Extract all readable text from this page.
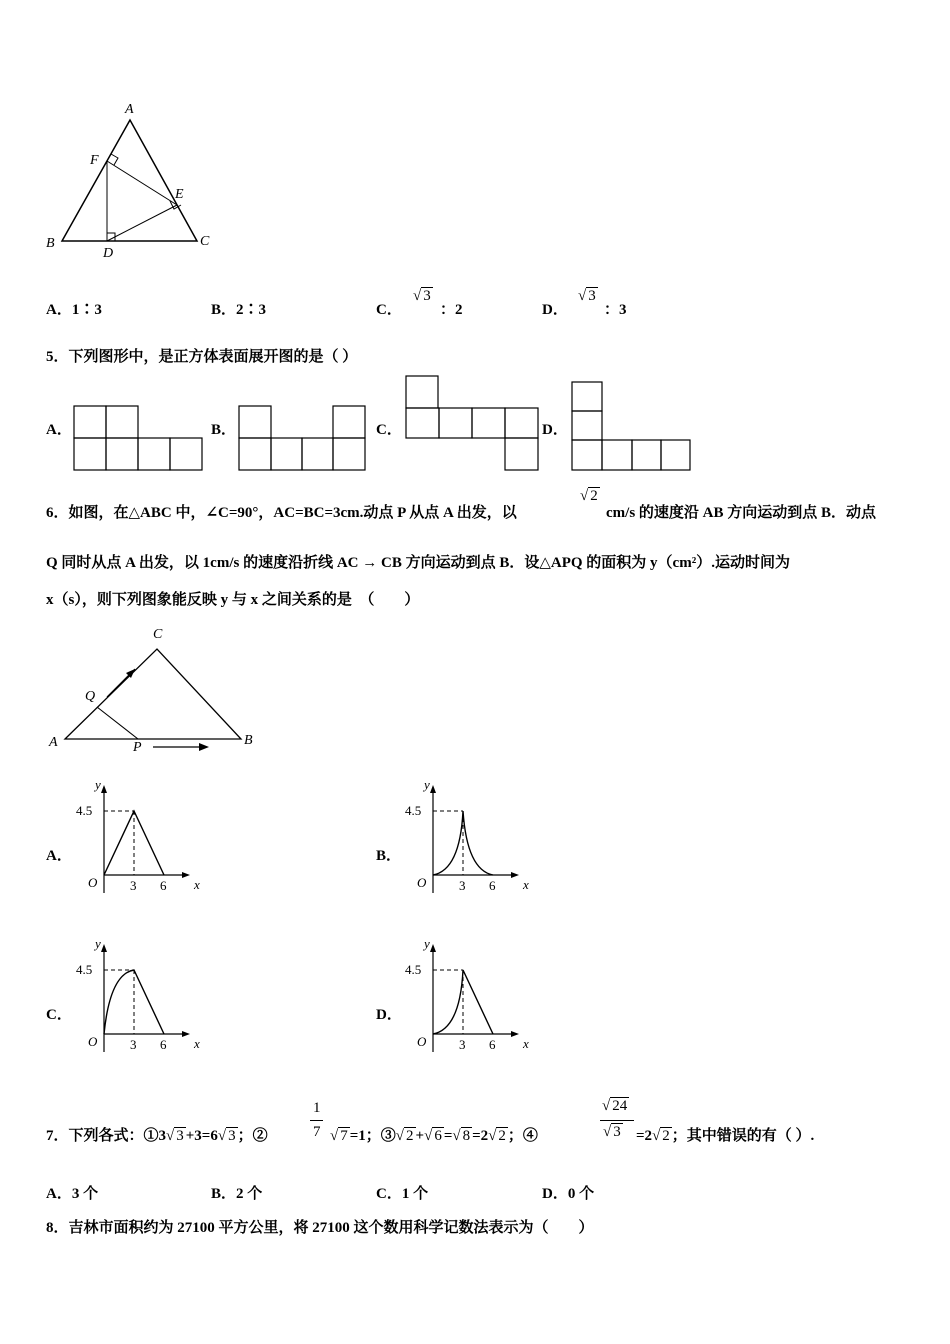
A
B	C
D
E
F
A．1∶3	B．2∶3	C．
√ 3
：2	D．
√ 3
：3
5．下列图形中，是正方体表面展开图的是（ ）
A．	B．	C．	D．
6．如图，在△ABC 中，∠C=90°，AC=BC=3cm.动点 P 从点 A 出发，以
√ 2
cm/s 的速度沿 AB 方向运动到点 B．动点
Q 同时从点 A 出发，以 1cm/s 的速度沿折线 AC → CB 方向运动到点 B．设△APQ 的面积为 y（cm²）.运动时间为
x（s），则下列图象能反映 y 与 x 之间关系的是　（　　）
C
A	B
P
Q
A．	B．
C．	D．
y
4.5
O	3 6 x
y
4.5
O	3 6 x
y
4.5
O	3 6 x
y
4.5
O	3 6 x
7．下列各式：①3√ 3 +3=6√ 3 ；②
1
7 √ 7 =1；③√ 2 +√ 6 =√ 8 =2√ 2 ；④
√ 24
√ 3 =2√ 2 ；其中错误的有（ ）.
A．3 个	B．2 个	C．1 个	D．0 个
8．吉林市面积约为 27100 平方公里，将 27100 这个数用科学记数法表示为（　　）
